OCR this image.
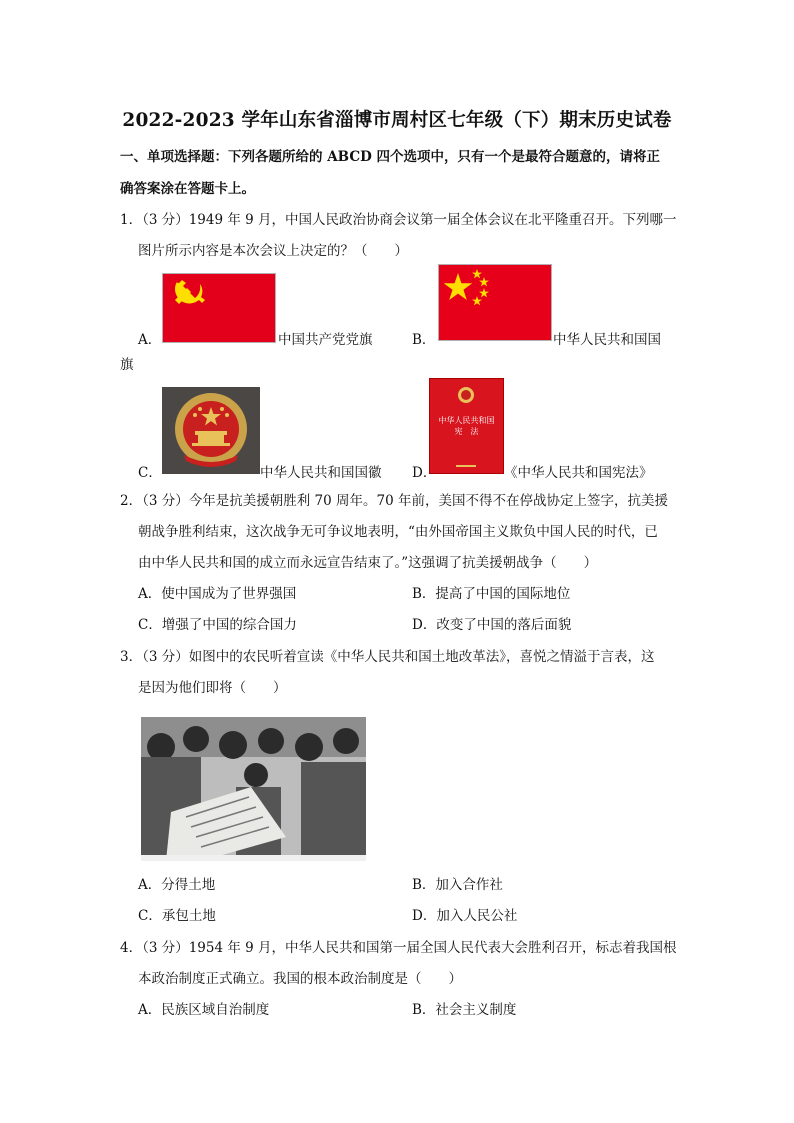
2022-2023 学年山东省淄博市周村区七年级（下）期末历史试卷
一、单项选择题：下列各题所给的 ABCD 四个选项中，只有一个是最符合题意的，请将正
确答案涂在答题卡上。
1．（3 分）1949 年 9 月，中国人民政治协商会议第一届全体会议在北平隆重召开。下列哪一
图片所示内容是本次会议上决定的？（　　）
A．	中国共产党党旗	B．	中华人民共和国国
旗
C．	中华人民共和国国徽
中华人民共和国
宪　法
D．	《中华人民共和国宪法》
2．（3 分）今年是抗美援朝胜利 70 周年。70 年前，美国不得不在停战协定上签字，抗美援
朝战争胜利结束，这次战争无可争议地表明，“由外国帝国主义欺负中国人民的时代，已
由中华人民共和国的成立而永远宣告结束了。”这强调了抗美援朝战争（　　）
A．使中国成为了世界强国	B．提高了中国的国际地位
C．增强了中国的综合国力	D．改变了中国的落后面貌
3．（3 分）如图中的农民听着宣读《中华人民共和国土地改革法》，喜悦之情溢于言表，这
是因为他们即将（　　）
A．分得土地	B．加入合作社
C．承包土地	D．加入人民公社
4．（3 分）1954 年 9 月，中华人民共和国第一届全国人民代表大会胜利召开，标志着我国根
本政治制度正式确立。我国的根本政治制度是（　　）
A．民族区域自治制度	B．社会主义制度
